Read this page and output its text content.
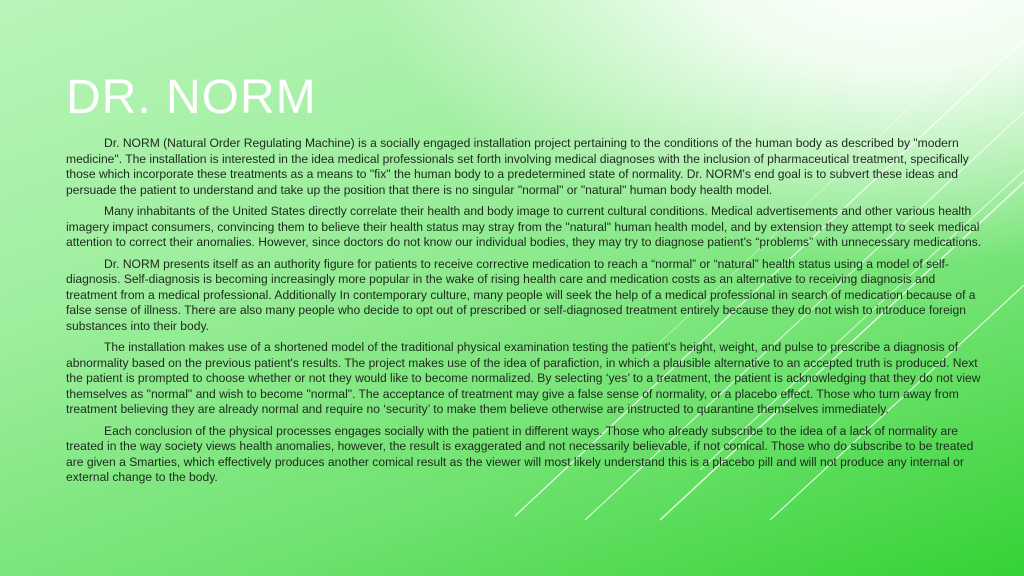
DR. NORM

Dr. NORM (Natural Order Regulating Machine) is a socially engaged installation project pertaining to the conditions of the human body as described by "modern medicine". The installation is interested in the idea medical professionals set forth involving medical diagnoses with the inclusion of pharmaceutical treatment, specifically those which incorporate these treatments as a means to "fix" the human body to a predetermined state of normality. Dr. NORM's end goal is to subvert these ideas and persuade the patient to understand and take up the position that there is no singular "normal" or "natural" human body health model.

Many inhabitants of the United States directly correlate their health and body image to current cultural conditions. Medical advertisements and other various health imagery impact consumers, convincing them to believe their health status may stray from the "natural" human health model, and by extension they attempt to seek medical attention to correct their anomalies. However, since doctors do not know our individual bodies, they may try to diagnose patient's “problems” with unnecessary medications.

Dr. NORM presents itself as an authority figure for patients to receive corrective medication to reach a “normal” or “natural” health status using a model of self-diagnosis. Self-diagnosis is becoming increasingly more popular in the wake of rising health care and medication costs as an alternative to receiving diagnosis and treatment from a medical professional. Additionally In contemporary culture, many people will seek the help of a medical professional in search of medication because of a false sense of illness. There are also many people who decide to opt out of prescribed or self-diagnosed treatment entirely because they do not wish to introduce foreign substances into their body.

The installation makes use of a shortened model of the traditional physical examination testing the patient's height, weight, and pulse to prescribe a diagnosis of abnormality based on the previous patient's results. The project makes use of the idea of parafiction, in which a plausible alternative to an accepted truth is produced. Next the patient is prompted to choose whether or not they would like to become normalized. By selecting ‘yes’ to a treatment, the patient is acknowledging that they do not view themselves as "normal" and wish to become "normal". The acceptance of treatment may give a false sense of normality, or a placebo effect. Those who turn away from treatment believing they are already normal and require no ‘security’ to make them believe otherwise are instructed to quarantine themselves immediately.

Each conclusion of the physical processes engages socially with the patient in different ways. Those who already subscribe to the idea of a lack of normality are treated in the way society views health anomalies, however, the result is exaggerated and not necessarily believable, if not comical. Those who do subscribe to be treated are given a Smarties, which effectively produces another comical result as the viewer will most likely understand this is a placebo pill and will not produce any internal or external change to the body.
